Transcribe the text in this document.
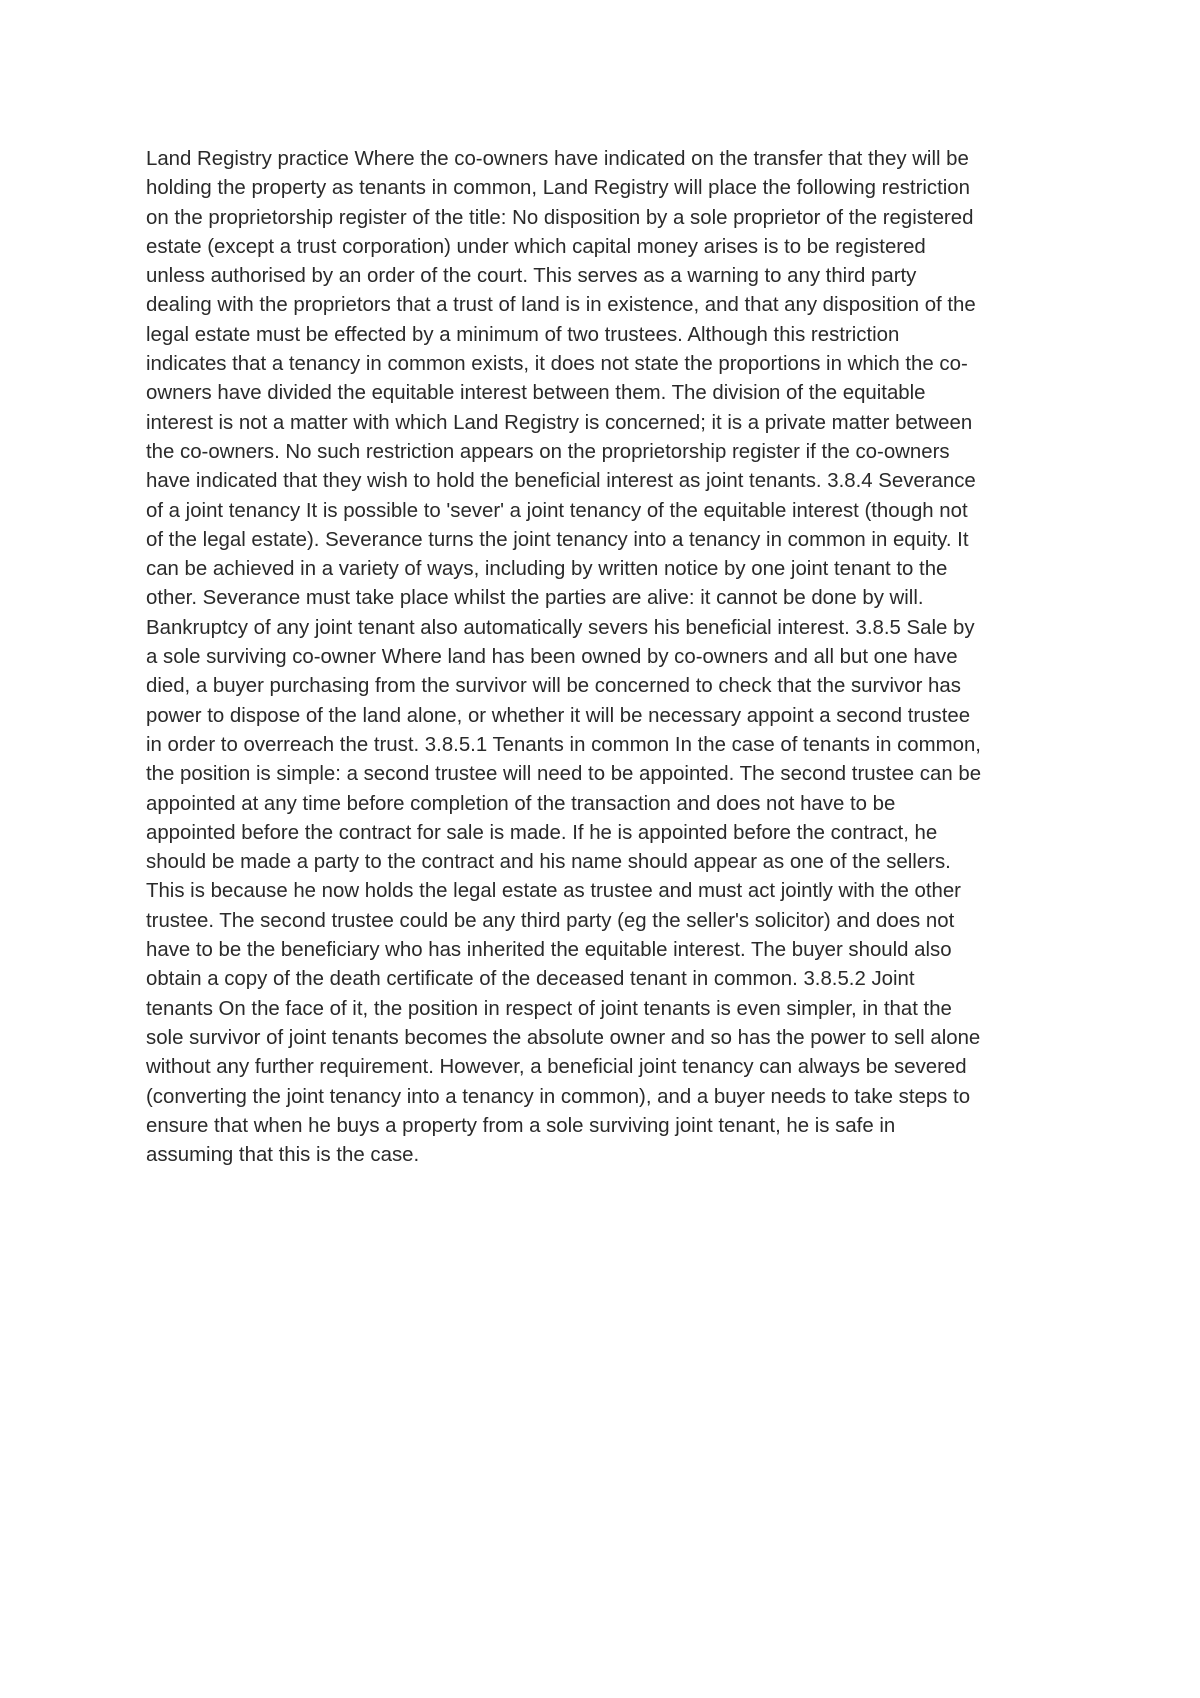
Land Registry practice Where the co-owners have indicated on the transfer that they will be
holding the property as tenants in common, Land Registry will place the following restriction
on the proprietorship register of the title: No disposition by a sole proprietor of the registered
estate (except a trust corporation) under which capital money arises is to be registered
unless authorised by an order of the court. This serves as a warning to any third party
dealing with the proprietors that a trust of land is in existence, and that any disposition of the
legal estate must be effected by a minimum of two trustees. Although this restriction
indicates that a tenancy in common exists, it does not state the proportions in which the co-
owners have divided the equitable interest between them. The division of the equitable
interest is not a matter with which Land Registry is concerned; it is a private matter between
the co-owners. No such restriction appears on the proprietorship register if the co-owners
have indicated that they wish to hold the beneficial interest as joint tenants. 3.8.4 Severance
of a joint tenancy It is possible to 'sever' a joint tenancy of the equitable interest (though not
of the legal estate). Severance turns the joint tenancy into a tenancy in common in equity. It
can be achieved in a variety of ways, including by written notice by one joint tenant to the
other. Severance must take place whilst the parties are alive: it cannot be done by will.
Bankruptcy of any joint tenant also automatically severs his beneficial interest. 3.8.5 Sale by
a sole surviving co-owner Where land has been owned by co-owners and all but one have
died, a buyer purchasing from the survivor will be concerned to check that the survivor has
power to dispose of the land alone, or whether it will be necessary appoint a second trustee
in order to overreach the trust. 3.8.5.1 Tenants in common In the case of tenants in common,
the position is simple: a second trustee will need to be appointed. The second trustee can be
appointed at any time before completion of the transaction and does not have to be
appointed before the contract for sale is made. If he is appointed before the contract, he
should be made a party to the contract and his name should appear as one of the sellers.
This is because he now holds the legal estate as trustee and must act jointly with the other
trustee. The second trustee could be any third party (eg the seller's solicitor) and does not
have to be the beneficiary who has inherited the equitable interest. The buyer should also
obtain a copy of the death certificate of the deceased tenant in common. 3.8.5.2 Joint
tenants On the face of it, the position in respect of joint tenants is even simpler, in that the
sole survivor of joint tenants becomes the absolute owner and so has the power to sell alone
without any further requirement. However, a beneficial joint tenancy can always be severed
(converting the joint tenancy into a tenancy in common), and a buyer needs to take steps to
ensure that when he buys a property from a sole surviving joint tenant, he is safe in
assuming that this is the case.
